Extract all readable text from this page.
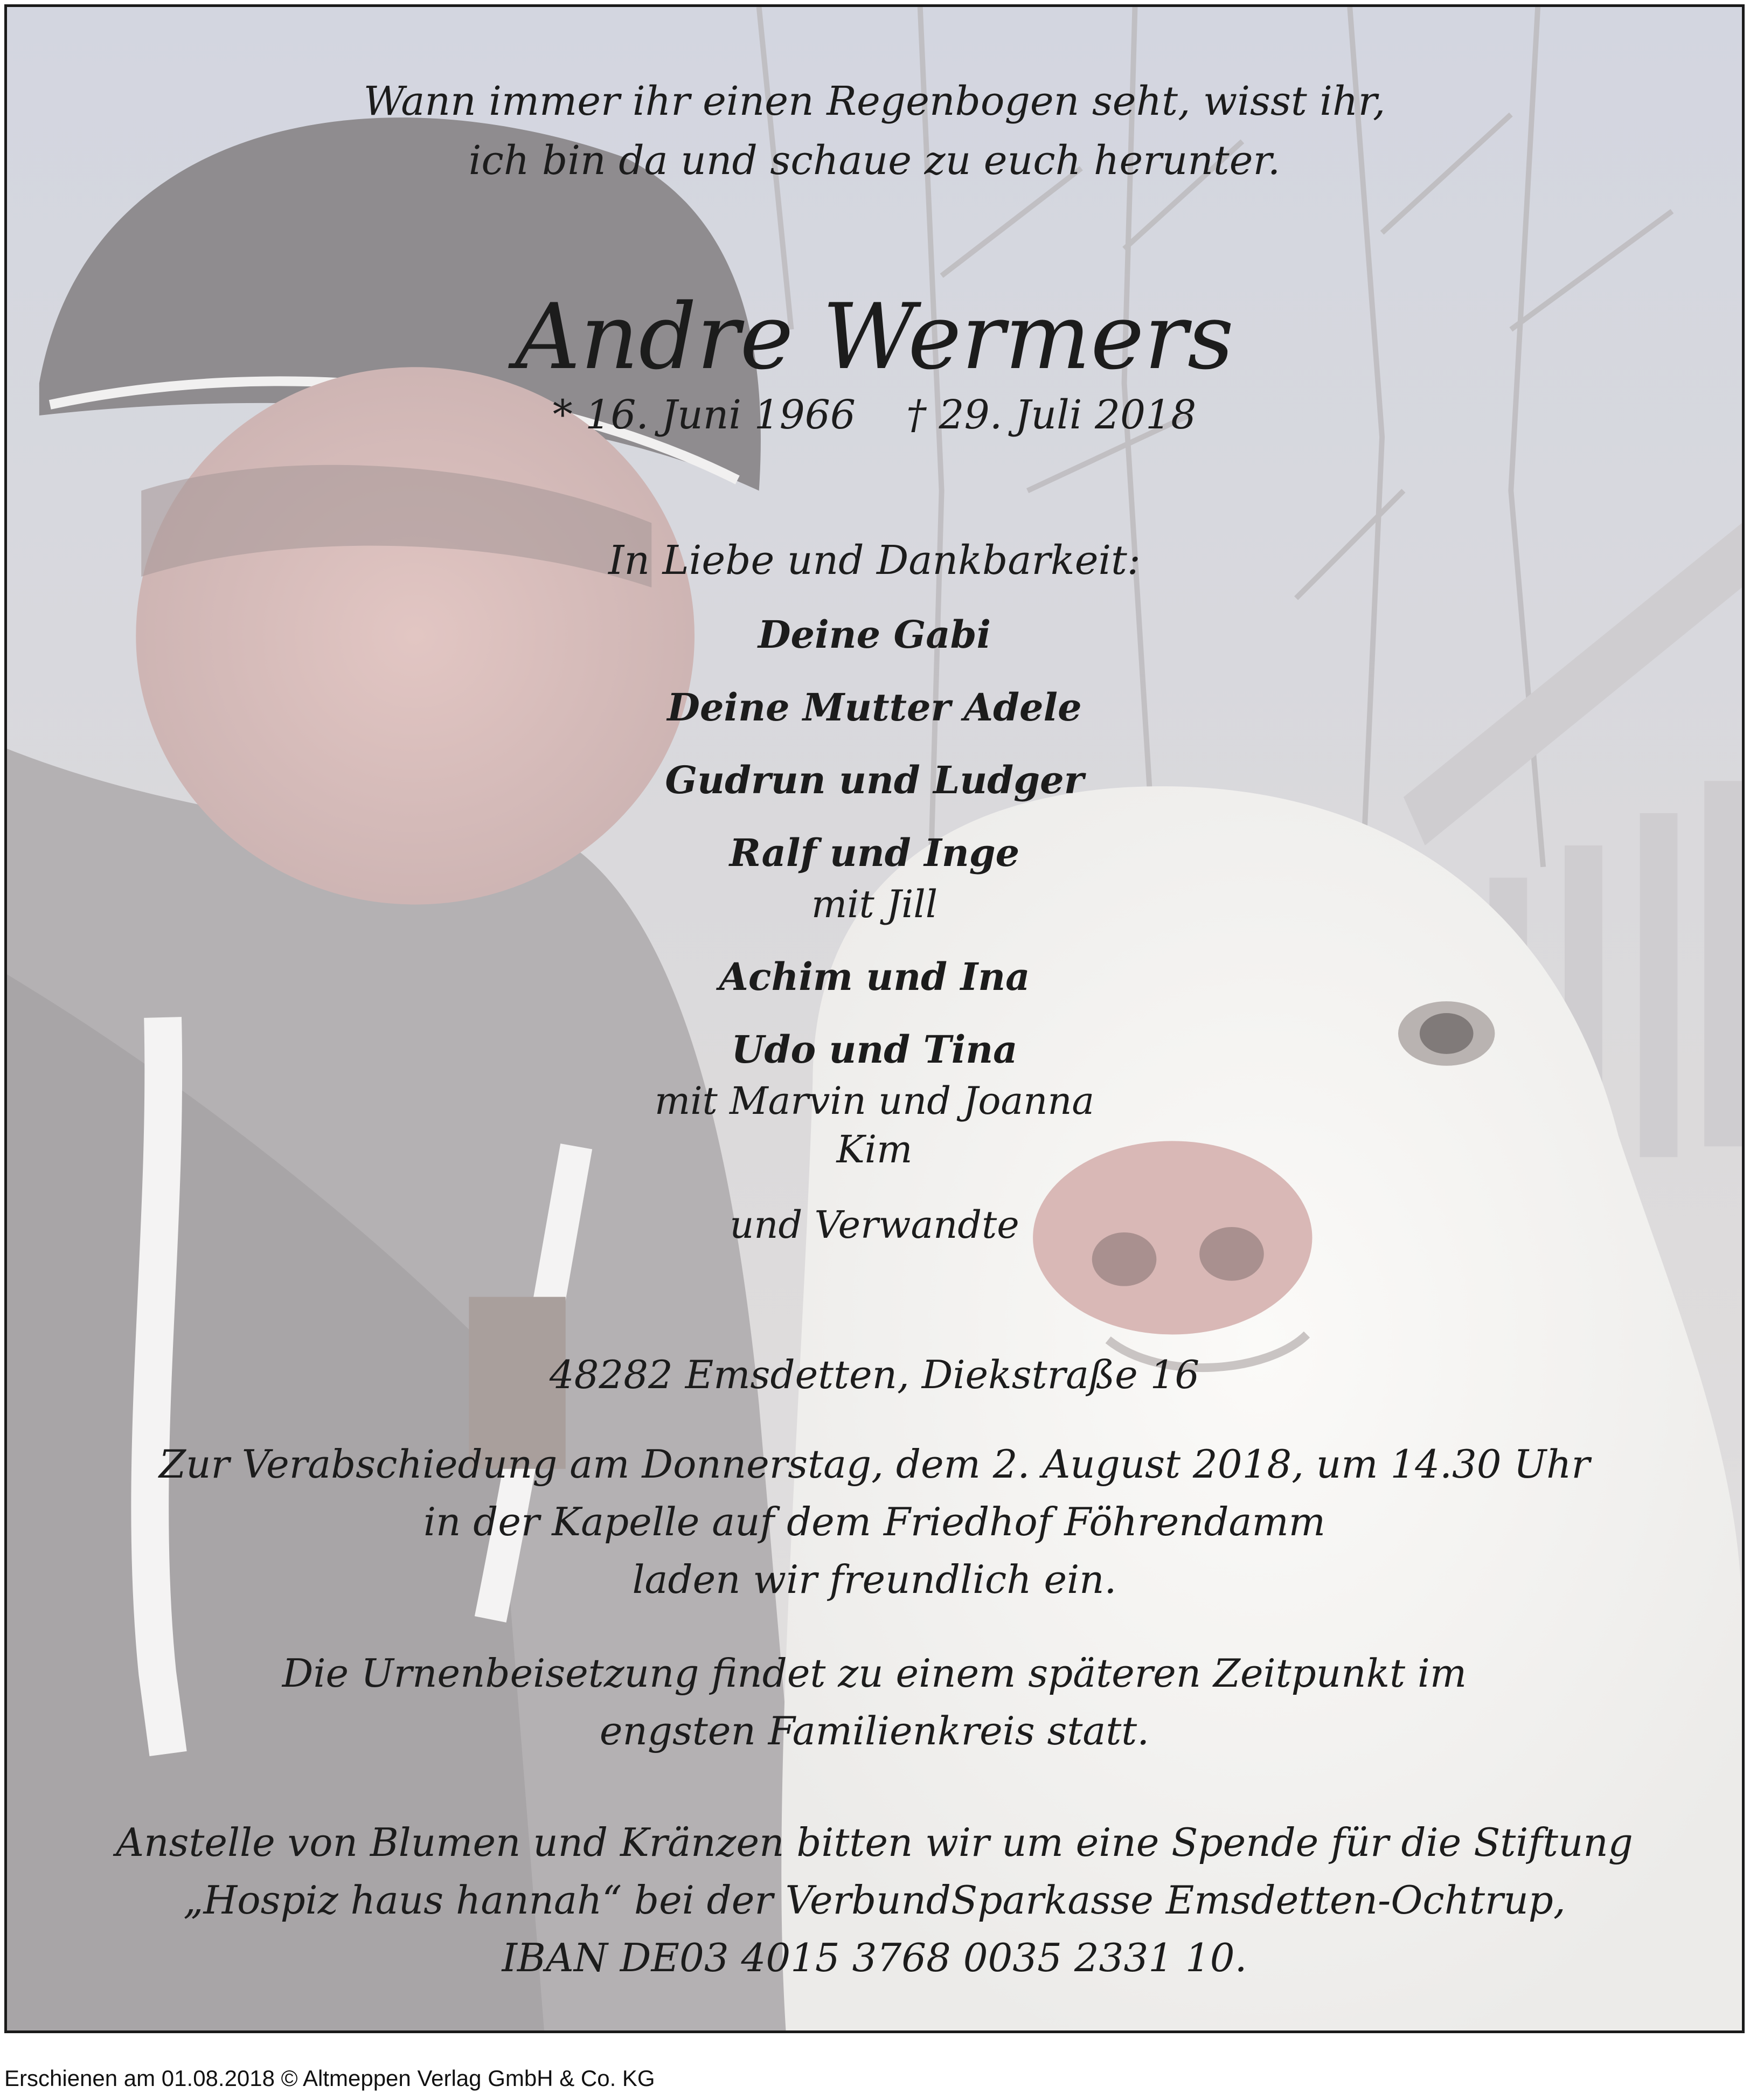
Wann immer ihr einen Regenbogen seht, wisst ihr,
ich bin da und schaue zu euch herunter.
Andre Wermers
* 16. Juni 1966    † 29. Juli 2018
In Liebe und Dankbarkeit:
Deine Gabi
Deine Mutter Adele
Gudrun und Ludger
Ralf und Inge
mit Jill
Achim und Ina
Udo und Tina
mit Marvin und Joanna
Kim
und Verwandte
48282 Emsdetten, Diekstraße 16
Zur Verabschiedung am Donnerstag, dem 2. August 2018, um 14.30 Uhr
in der Kapelle auf dem Friedhof Föhrendamm
laden wir freundlich ein.
Die Urnenbeisetzung findet zu einem späteren Zeitpunkt im
engsten Familienkreis statt.
Anstelle von Blumen und Kränzen bitten wir um eine Spende für die Stiftung
„Hospiz haus hannah“ bei der VerbundSparkasse Emsdetten-Ochtrup,
IBAN DE03 4015 3768 0035 2331 10.
Erschienen am 01.08.2018 © Altmeppen Verlag GmbH & Co. KG
